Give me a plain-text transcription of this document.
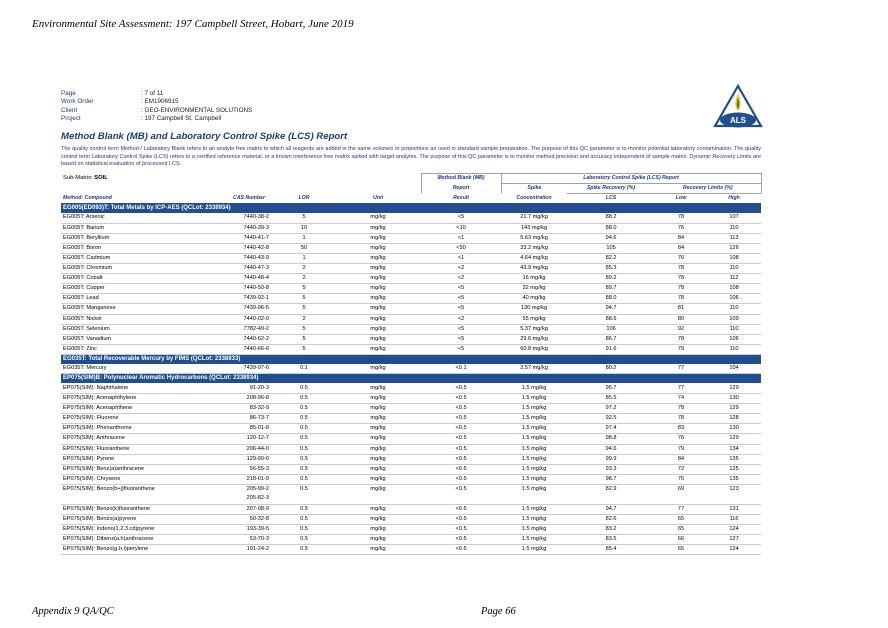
Environmental Site Assessment: 197 Campbell Street, Hobart, June 2019
Page	: 7 of 11
Work Order	: EM1906915
Client	: GEO-ENVIRONMENTAL SOLUTIONS
Project	: 197 Campbell St, Campbell	ALS
Method Blank (MB) and Laboratory Control Spike (LCS) Report
The quality control term Method / Laboratory Blank refers to an analyte free matrix to which all reagents are added in the same volumes or proportions as used in standard sample preparation. The purpose of this QC parameter is to monitor potential laboratory contamination. The quality control term Laboratory Control Spike (LCS) refers to a certified reference material, or a known interference free matrix spiked with target analytes. The purpose of this QC parameter is to monitor method precision and accuracy independent of sample matrix. Dynamic Recovery Limits are based on statistical evaluation of processed LCS.
Sub-Matrix: SOIL				Method Blank (MB)	Laboratory Control Spike (LCS) Report			
				Report	Spike	Spike Recovery (%)	Recovery Limits (%)	
Method: Compound	CAS Number	LOR	Unit	Result	Concentration	LCS	Low	High
EG005(ED093)T: Total Metals by ICP-AES (QCLot: 2338934)								
EG005T: Arsenic	7440-38-2	5	mg/kg	<5	21.7 mg/kg	88.2	78	107
EG005T: Barium	7440-39-3	10	mg/kg	<10	143 mg/kg	88.0	76	110
EG005T: Beryllium	7440-41-7	1	mg/kg	<1	5.63 mg/kg	94.6	84	113
EG005T: Boron	7440-42-8	50	mg/kg	<50	33.2 mg/kg	105	84	126
EG005T: Cadmium	7440-43-9	1	mg/kg	<1	4.64 mg/kg	82.2	76	108
EG005T: Chromium	7440-47-3	2	mg/kg	<2	43.9 mg/kg	85.3	78	110
EG005T: Cobalt	7440-48-4	2	mg/kg	<2	16 mg/kg	89.2	78	112
EG005T: Copper	7440-50-8	5	mg/kg	<5	32 mg/kg	89.7	78	108
EG005T: Lead	7439-92-1	5	mg/kg	<5	40 mg/kg	88.0	78	106
EG005T: Manganese	7439-96-5	5	mg/kg	<5	130 mg/kg	94.7	81	110
EG005T: Nickel	7440-02-0	2	mg/kg	<2	55 mg/kg	88.6	80	109
EG005T: Selenium	7782-49-2	5	mg/kg	<5	5.37 mg/kg	106	92	110
EG005T: Vanadium	7440-62-2	5	mg/kg	<5	29.6 mg/kg	86.7	78	106
EG005T: Zinc	7440-66-6	5	mg/kg	<5	60.8 mg/kg	91.6	79	110
EG035T: Total Recoverable Mercury by FIMS (QCLot: 2338933)								
EG035T: Mercury	7439-97-6	0.1	mg/kg	<0.1	2.57 mg/kg	80.2	77	104
EP075(SIM)B: Polynuclear Aromatic Hydrocarbons (QCLot: 2338934)								
EP075(SIM): Naphthalene	91-20-3	0.5	mg/kg	<0.5	1.5 mg/kg	95.7	77	129
EP075(SIM): Acenaphthylene	208-96-8	0.5	mg/kg	<0.5	1.5 mg/kg	85.5	74	130
EP075(SIM): Acenaphthene	83-32-9	0.5	mg/kg	<0.5	1.5 mg/kg	97.2	78	129
EP075(SIM): Fluorene	86-73-7	0.5	mg/kg	<0.5	1.5 mg/kg	92.5	78	128
EP075(SIM): Phenanthrene	85-01-8	0.5	mg/kg	<0.5	1.5 mg/kg	97.4	83	130
EP075(SIM): Anthracene	120-12-7	0.5	mg/kg	<0.5	1.5 mg/kg	98.8	76	129
EP075(SIM): Fluoranthene	206-44-0	0.5	mg/kg	<0.5	1.5 mg/kg	94.6	79	134
EP075(SIM): Pyrene	129-00-0	0.5	mg/kg	<0.5	1.5 mg/kg	99.9	84	135
EP075(SIM): Benz(a)anthracene	56-55-3	0.5	mg/kg	<0.5	1.5 mg/kg	93.3	72	125
EP075(SIM): Chrysene	218-01-9	0.5	mg/kg	<0.5	1.5 mg/kg	98.7	76	135
EP075(SIM): Benzo(b+j)fluoranthene	205-99-2
205-82-3	0.5	mg/kg	<0.5	1.5 mg/kg	82.9	69	123
EP075(SIM): Benzo(k)fluoranthene	207-08-9	0.5	mg/kg	<0.5	1.5 mg/kg	94.7	77	131
EP075(SIM): Benzo(a)pyrene	50-32-8	0.5	mg/kg	<0.5	1.5 mg/kg	82.6	65	116
EP075(SIM): Indeno(1.2.3.cd)pyrene	193-39-5	0.5	mg/kg	<0.5	1.5 mg/kg	83.2	65	124
EP075(SIM): Dibenz(a.h)anthracene	53-70-3	0.5	mg/kg	<0.5	1.5 mg/kg	83.5	66	127
EP075(SIM): Benzo(g.h.i)perylene	191-24-2	0.5	mg/kg	<0.5	1.5 mg/kg	85.4	65	124
Appendix 9 QA/QC	Page 66
